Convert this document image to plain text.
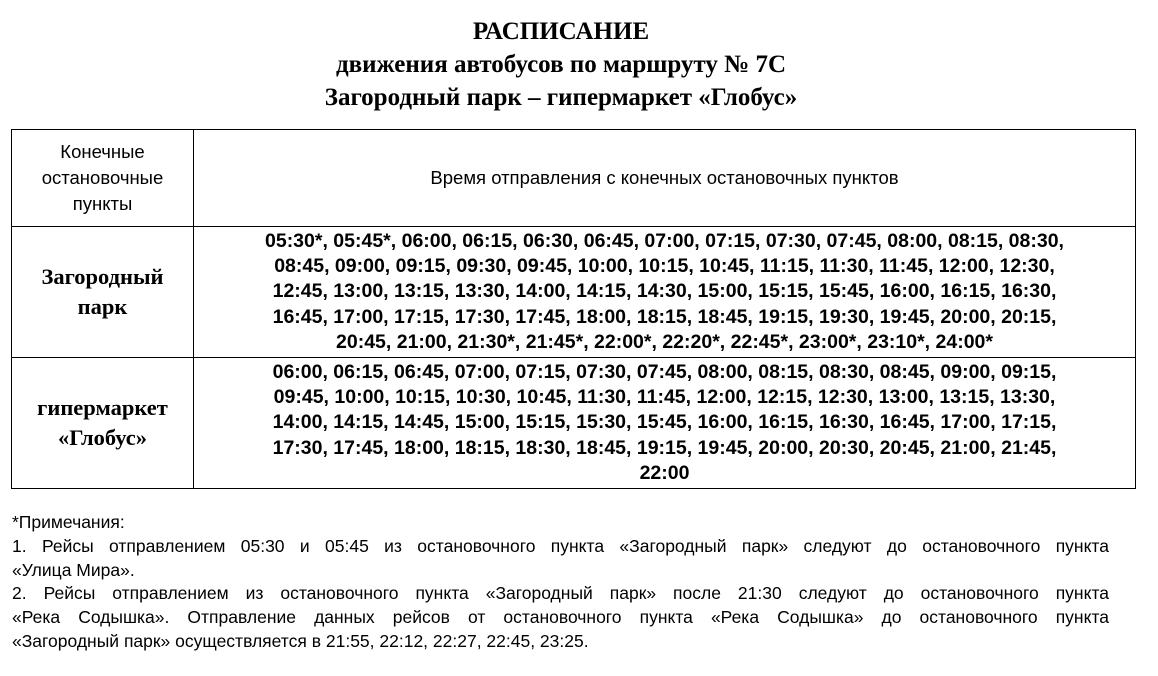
РАСПИСАНИЕ
движения автобусов по маршруту № 7С
Загородный парк – гипермаркет «Глобус»
Конечные
остановочные
пункты	Время отправления с конечных остановочных пунктов

Загородный
парк	05:30*, 05:45*, 06:00, 06:15, 06:30, 06:45, 07:00, 07:15, 07:30, 07:45, 08:00, 08:15, 08:30,
08:45, 09:00, 09:15, 09:30, 09:45, 10:00, 10:15, 10:45, 11:15, 11:30, 11:45, 12:00, 12:30,
12:45, 13:00, 13:15, 13:30, 14:00, 14:15, 14:30, 15:00, 15:15, 15:45, 16:00, 16:15, 16:30,
16:45, 17:00, 17:15, 17:30, 17:45, 18:00, 18:15, 18:45, 19:15, 19:30, 19:45, 20:00, 20:15,
20:45, 21:00, 21:30*, 21:45*, 22:00*, 22:20*, 22:45*, 23:00*, 23:10*, 24:00*

гипермаркет
«Глобус»	06:00, 06:15, 06:45, 07:00, 07:15, 07:30, 07:45, 08:00, 08:15, 08:30, 08:45, 09:00, 09:15,
09:45, 10:00, 10:15, 10:30, 10:45, 11:30, 11:45, 12:00, 12:15, 12:30, 13:00, 13:15, 13:30,
14:00, 14:15, 14:45, 15:00, 15:15, 15:30, 15:45, 16:00, 16:15, 16:30, 16:45, 17:00, 17:15,
17:30, 17:45, 18:00, 18:15, 18:30, 18:45, 19:15, 19:45, 20:00, 20:30, 20:45, 21:00, 21:45,
22:00
*Примечания:
1. Рейсы отправлением 05:30 и 05:45 из остановочного пункта «Загородный парк» следуют до остановочного пункта
«Улица Мира».
2. Рейсы отправлением из остановочного пункта «Загородный парк» после 21:30 следуют до остановочного пункта
«Река Содышка». Отправление данных рейсов от остановочного пункта «Река Содышка» до остановочного пункта
«Загородный парк» осуществляется в 21:55, 22:12, 22:27, 22:45, 23:25.
